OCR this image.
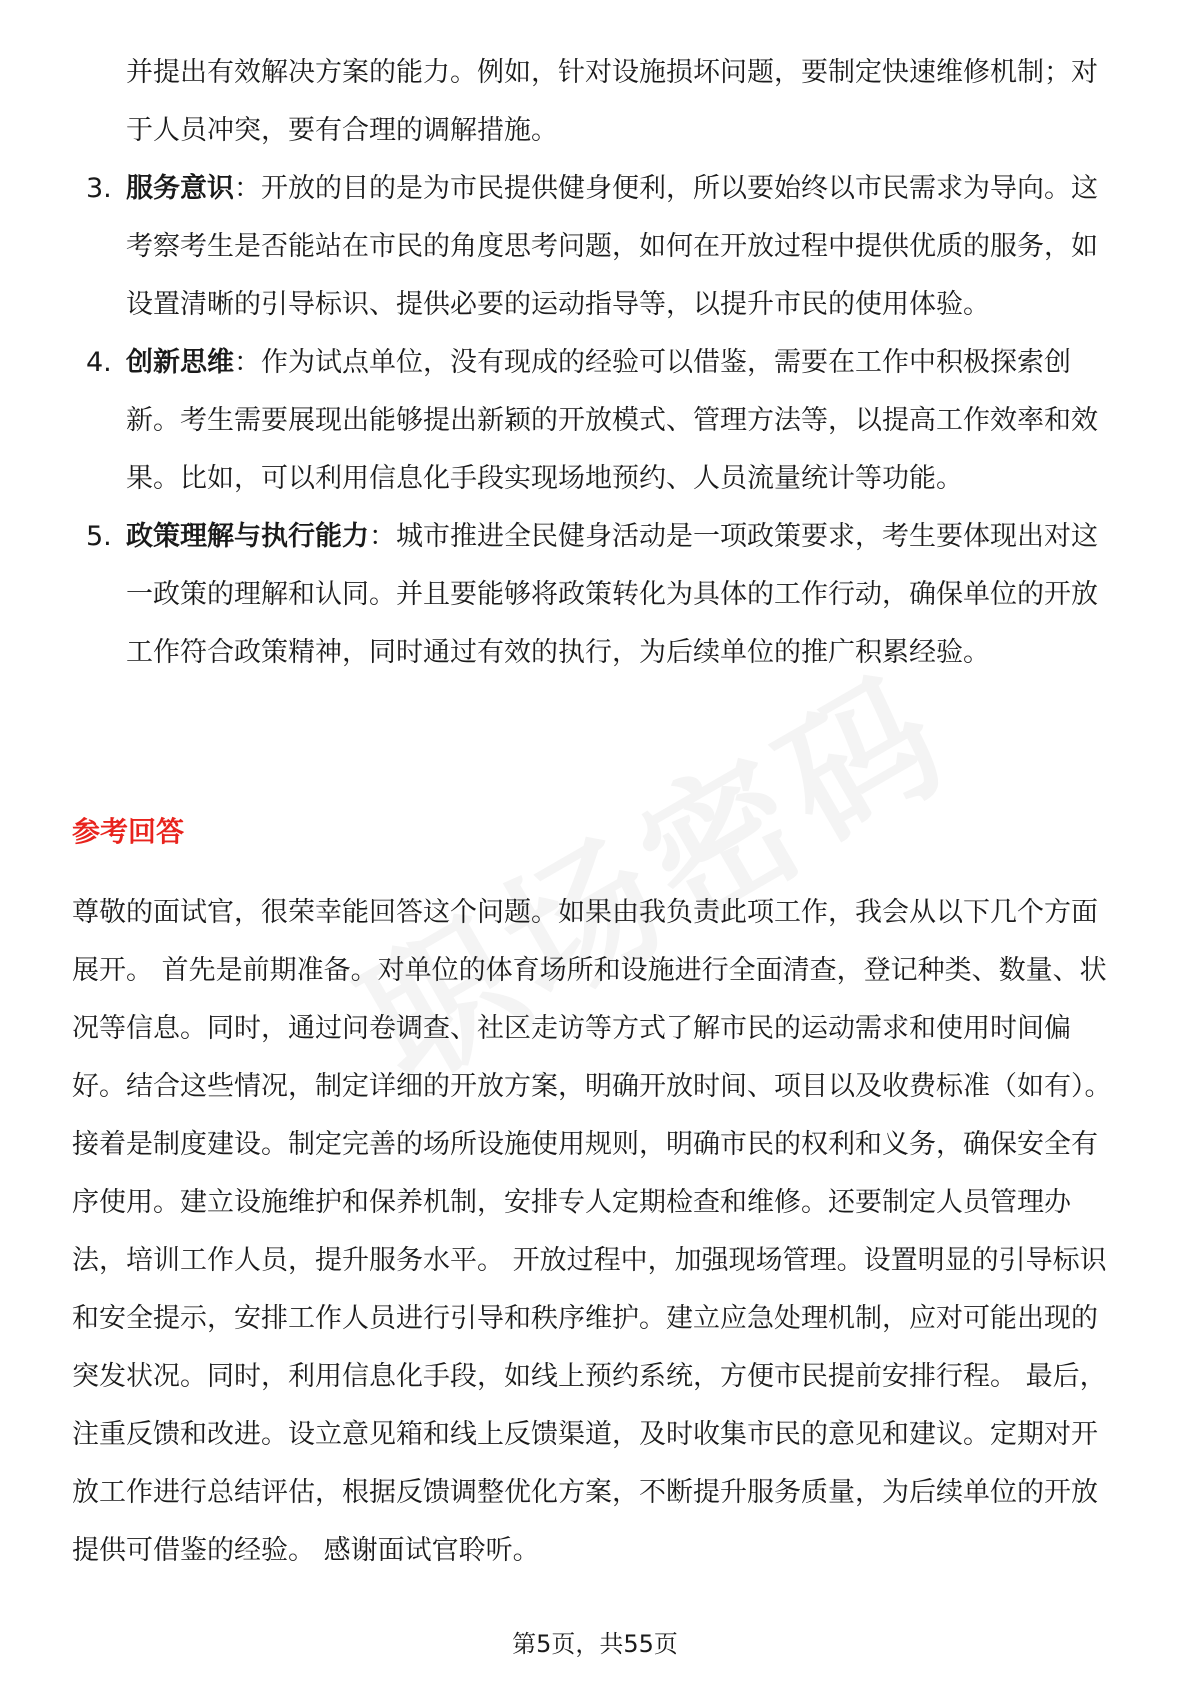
并提出有效解决方案的能力。例如，针对设施损坏问题，要制定快速维修机制；对于人员冲突，要有合理的调解措施。

3. 服务意识：开放的目的是为市民提供健身便利，所以要始终以市民需求为导向。这考察考生是否能站在市民的角度思考问题，如何在开放过程中提供优质的服务，如设置清晰的引导标识、提供必要的运动指导等，以提升市民的使用体验。
4. 创新思维：作为试点单位，没有现成的经验可以借鉴，需要在工作中积极探索创新。考生需要展现出能够提出新颖的开放模式、管理方法等，以提高工作效率和效果。比如，可以利用信息化手段实现场地预约、人员流量统计等功能。
5. 政策理解与执行能力：城市推进全民健身活动是一项政策要求，考生要体现出对这一政策的理解和认同。并且要能够将政策转化为具体的工作行动，确保单位的开放工作符合政策精神，同时通过有效的执行，为后续单位的推广积累经验。
参考回答

尊敬的面试官，很荣幸能回答这个问题。如果由我负责此项工作，我会从以下几个方面展开。 首先是前期准备。对单位的体育场所和设施进行全面清查，登记种类、数量、状况等信息。同时，通过问卷调查、社区走访等方式了解市民的运动需求和使用时间偏好。结合这些情况，制定详细的开放方案，明确开放时间、项目以及收费标准（如有）。 接着是制度建设。制定完善的场所设施使用规则，明确市民的权利和义务，确保安全有序使用。建立设施维护和保养机制，安排专人定期检查和维修。还要制定人员管理办法，培训工作人员，提升服务水平。 开放过程中，加强现场管理。设置明显的引导标识和安全提示，安排工作人员进行引导和秩序维护。建立应急处理机制，应对可能出现的突发状况。同时，利用信息化手段，如线上预约系统，方便市民提前安排行程。 最后，注重反馈和改进。设立意见箱和线上反馈渠道，及时收集市民的意见和建议。定期对开放工作进行总结评估，根据反馈调整优化方案，不断提升服务质量，为后续单位的开放提供可借鉴的经验。 感谢面试官聆听。

第5页，共55页
